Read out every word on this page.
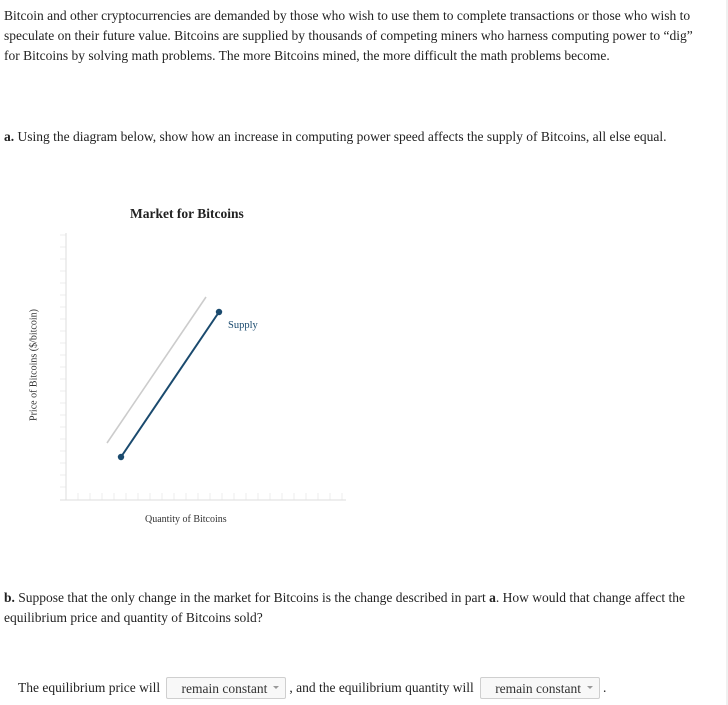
Bitcoin and other cryptocurrencies are demanded by those who wish to use them to complete transactions or those who wish to speculate on their future value. Bitcoins are supplied by thousands of competing miners who harness computing power to “dig” for Bitcoins by solving math problems. The more Bitcoins mined, the more difficult the math problems become.

a. Using the diagram below, show how an increase in computing power speed affects the supply of Bitcoins, all else equal.

Market for Bitcoins
Supply
Price of Bitcoins ($/bitcoin)
Quantity of Bitcoins

b. Suppose that the only change in the market for Bitcoins is the change described in part a. How would that change affect the equilibrium price and quantity of Bitcoins sold?

The equilibrium price will remain constant , and the equilibrium quantity will remain constant .
